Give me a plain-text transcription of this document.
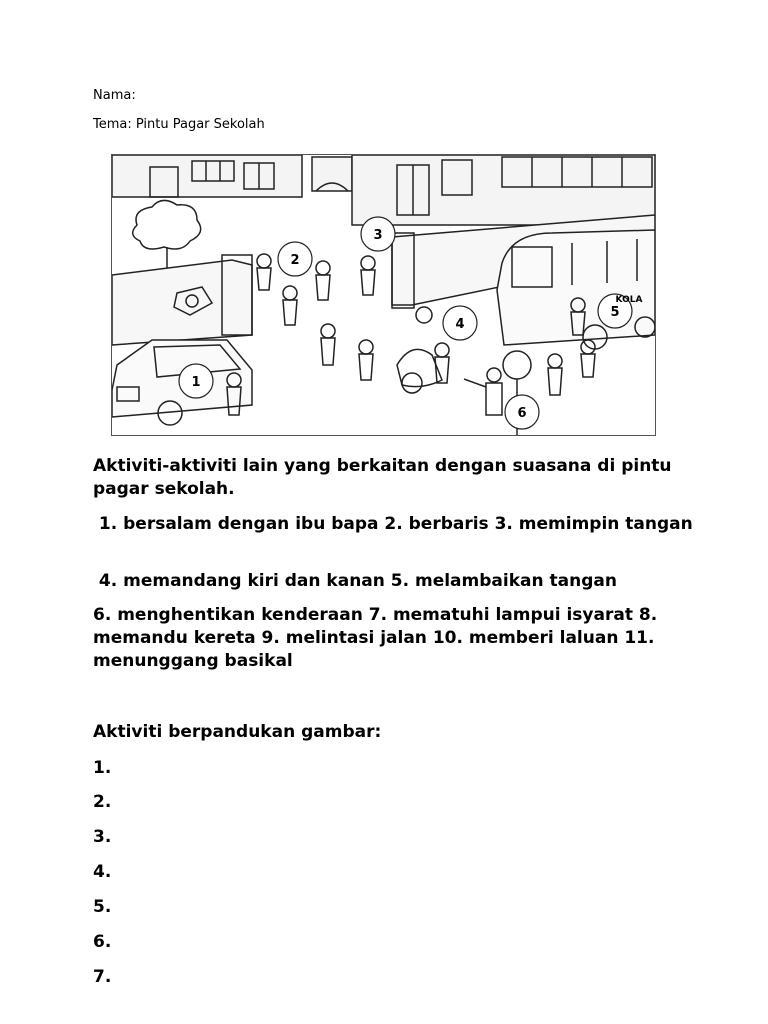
Nama:
Tema: Pintu Pagar Sekolah
1
2
3
4
5
6
KOLA
Aktiviti-aktiviti lain yang berkaitan dengan suasana di pintu pagar sekolah.
1. bersalam dengan ibu bapa 2. berbaris 3. memimpin tangan
4. memandang kiri dan kanan 5. melambaikan tangan
6. menghentikan kenderaan 7. mematuhi lampui isyarat 8. memandu kereta 9. melintasi jalan 10. memberi laluan 11. menunggang basikal
Aktiviti berpandukan gambar:
1.
2.
3.
4.
5.
6.
7.
